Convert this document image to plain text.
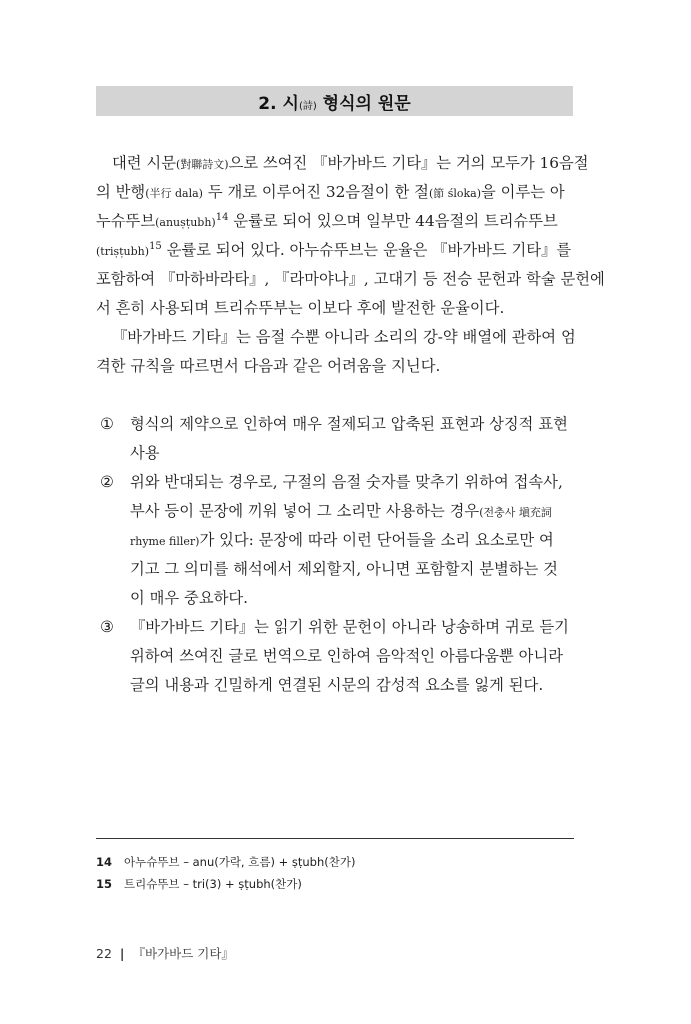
2. 시(詩) 형식의 원문
대련 시문(對聯詩文)으로 쓰여진 『바가바드 기타』는 거의 모두가 16음절
의 반행(半行 dala) 두 개로 이루어진 32음절이 한 절(節 śloka)을 이루는 아
누슈뚜브(anuṣṭubh)$^{14}$ 운률로 되어 있으며 일부만 44음절의 트리슈뚜브
(triṣṭubh)$^{15}$ 운률로 되어 있다. 아누슈뚜브는 운율은 『바가바드 기타』를
포함하여 『마하바라타』, 『라마야나』, 고대기 등 전승 문헌과 학술 문헌에
서 흔히 사용되며 트리슈뚜부는 이보다 후에 발전한 운율이다.
『바가바드 기타』는 음절 수뿐 아니라 소리의 강-약 배열에 관하여 엄
격한 규칙을 따르면서 다음과 같은 어려움을 지닌다.
①	형식의 제약으로 인하여 매우 절제되고 압축된 표현과 상징적 표현
사용
②	위와 반대되는 경우로, 구절의 음절 숫자를 맞추기 위하여 접속사,
부사 등이 문장에 끼워 넣어 그 소리만 사용하는 경우(전충사 塡充詞
rhyme filler)가 있다: 문장에 따라 이런 단어들을 소리 요소로만 여
기고 그 의미를 해석에서 제외할지, 아니면 포함할지 분별하는 것
이 매우 중요하다.
③	『바가바드 기타』는 읽기 위한 문헌이 아니라 낭송하며 귀로 듣기
위하여 쓰여진 글로 번역으로 인하여 음악적인 아름다움뿐 아니라
글의 내용과 긴밀하게 연결된 시문의 감성적 요소를 잃게 된다.
14 아누슈뚜브 – anu(가락, 흐름) + ṣṭubh(찬가)
15 트리슈뚜브 – tri(3) + ṣṭubh(찬가)
22 | 『바가바드 기타』
